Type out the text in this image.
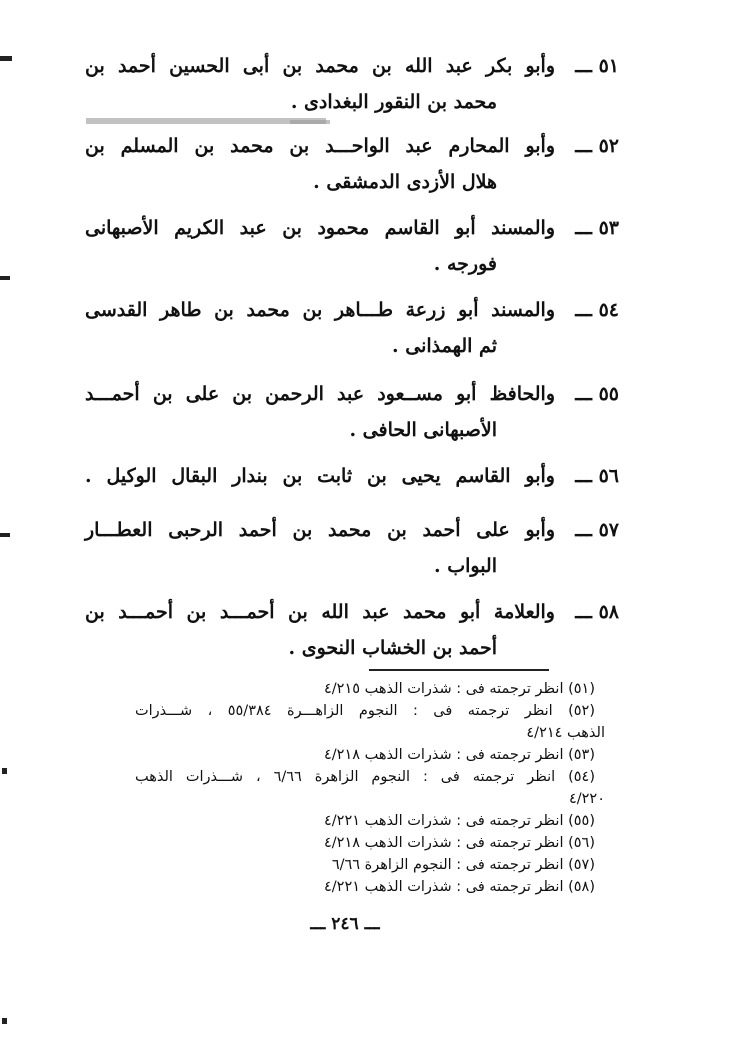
٥١ ـــ
وأبو بكر عبد الله بن محمد بن أبى الحسين أحمد بن
محمد بن النقور البغدادى .
٥٢ ـــ
وأبو المحارم عبد الواحـــد بن محمد بن المسلم بن
هلال الأزدى الدمشقى .
٥٣ ـــ
والمسند أبو القاسم محمود بن عبد الكريم الأصبهانى
فورجه .
٥٤ ـــ
والمسند أبو زرعة طـــاهر بن محمد بن طاهر القدسى
ثم الهمذانى .
٥٥ ـــ
والحافظ أبو مســعود عبد الرحمن بن على بن أحمـــد
الأصبهانى الحافى .
٥٦ ـــ
وأبو القاسم يحيى بن ثابت بن بندار البقال الوكيل .
٥٧ ـــ
وأبو على أحمد بن محمد بن أحمد الرحبى العطـــار
البواب .
٥٨ ـــ
والعلامة أبو محمد عبد الله بن أحمـــد بن أحمـــد بن
أحمد بن الخشاب النحوى .
(٥١) انظر ترجمته فى : شذرات الذهب ٤/٢١٥
(٥٢) انظر ترجمته فى : النجوم الزاهـــرة ٥٥/٣٨٤ ، شـــذرات
الذهب ٤/٢١٤
(٥٣) انظر ترجمته فى : شذرات الذهب ٤/٢١٨
(٥٤) انظر ترجمته فى : النجوم الزاهرة ٦/٦٦ ، شـــذرات الذهب
٤/٢٢٠
(٥٥) انظر ترجمته فى : شذرات الذهب ٤/٢٢١
(٥٦) انظر ترجمته فى : شذرات الذهب ٤/٢١٨
(٥٧) انظر ترجمته فى : النجوم الزاهرة ٦/٦٦
(٥٨) انظر ترجمته فى : شذرات الذهب ٤/٢٢١
ـــ ٢٤٦ ـــ
